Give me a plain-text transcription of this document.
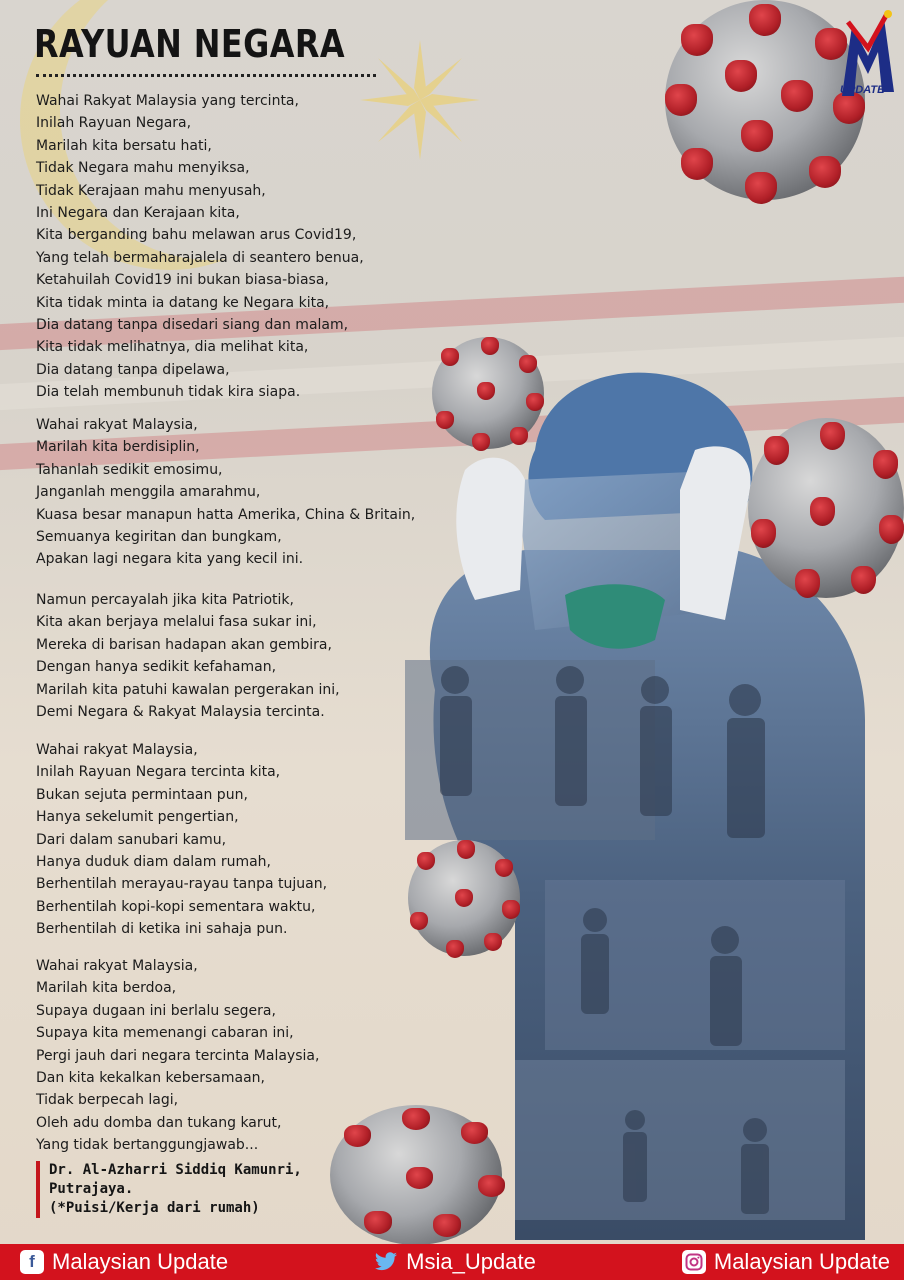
UPDATE
RAYUAN NEGARA
Wahai Rakyat Malaysia yang tercinta,
Inilah Rayuan Negara,
Marilah kita bersatu hati,
Tidak Negara mahu menyiksa,
Tidak Kerajaan mahu menyusah,
Ini Negara dan Kerajaan kita,
Kita berganding bahu melawan arus Covid19,
Yang telah bermaharajalela di seantero benua,
Ketahuilah Covid19 ini bukan biasa-biasa,
Kita tidak minta ia datang ke Negara kita,
Dia datang tanpa disedari siang dan malam,
Kita tidak melihatnya, dia melihat kita,
Dia datang tanpa dipelawa,
Dia telah membunuh tidak kira siapa.
Wahai rakyat Malaysia,
Marilah kita berdisiplin,
Tahanlah sedikit emosimu,
Janganlah menggila amarahmu,
Kuasa besar manapun hatta Amerika, China & Britain,
Semuanya kegiritan dan bungkam,
Apakan lagi negara kita yang kecil ini.
Namun percayalah jika kita Patriotik,
Kita akan berjaya melalui fasa sukar ini,
Mereka di barisan hadapan akan gembira,
Dengan hanya sedikit kefahaman,
Marilah kita patuhi kawalan pergerakan ini,
Demi Negara & Rakyat Malaysia tercinta.
Wahai rakyat Malaysia,
Inilah Rayuan Negara tercinta kita,
Bukan sejuta permintaan pun,
Hanya sekelumit pengertian,
Dari dalam sanubari kamu,
Hanya duduk diam dalam rumah,
Berhentilah merayau-rayau tanpa tujuan,
Berhentilah kopi-kopi sementara waktu,
Berhentilah di ketika ini sahaja pun.
Wahai rakyat Malaysia,
Marilah kita berdoa,
Supaya dugaan ini berlalu segera,
Supaya kita memenangi cabaran ini,
Pergi jauh dari negara tercinta Malaysia,
Dan kita kekalkan kebersamaan,
Tidak berpecah lagi,
Oleh adu domba dan tukang karut,
Yang tidak bertanggungjawab...
Dr. Al-Azharri Siddiq Kamunri,
Putrajaya.
(*Puisi/Kerja dari rumah)
f Malaysian Update	Msia_Update	Malaysian Update
